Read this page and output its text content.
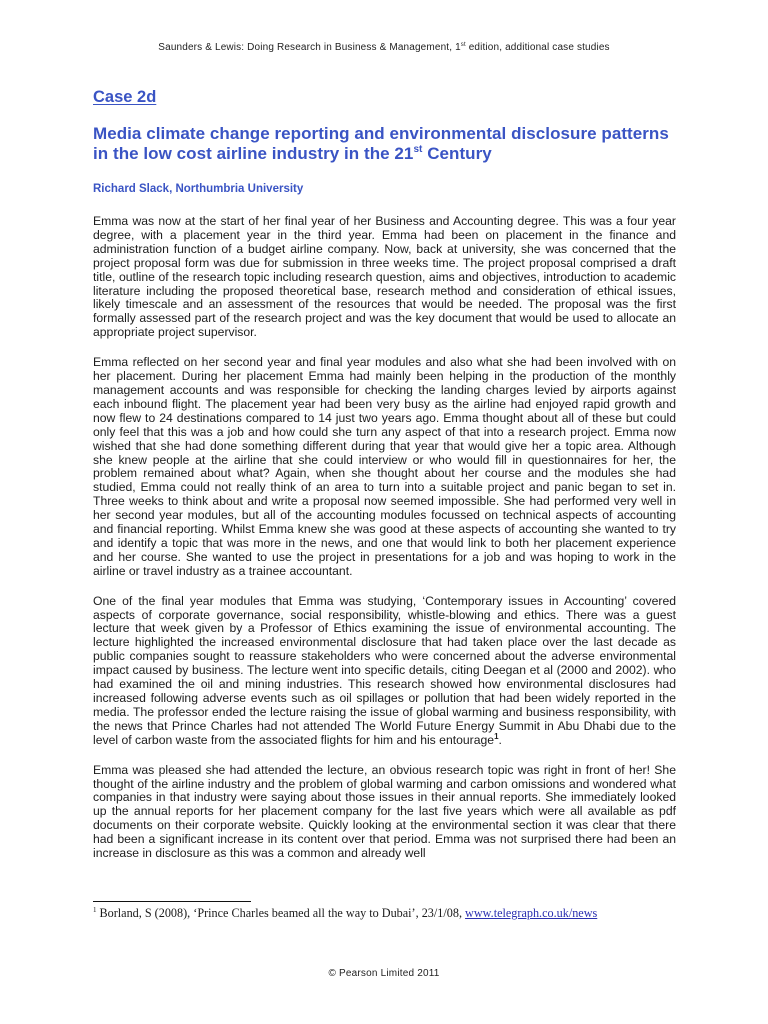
Saunders & Lewis: Doing Research in Business & Management, 1st edition, additional case studies
Case 2d
Media climate change reporting and environmental disclosure patterns in the low cost airline industry in the 21st Century

Richard Slack, Northumbria University

Emma was now at the start of her final year of her Business and Accounting degree. This was a four year degree, with a placement year in the third year. Emma had been on placement in the finance and administration function of a budget airline company. Now, back at university, she was concerned that the project proposal form was due for submission in three weeks time. The project proposal comprised a draft title, outline of the research topic including research question, aims and objectives, introduction to academic literature including the proposed theoretical base, research method and consideration of ethical issues, likely timescale and an assessment of the resources that would be needed. The proposal was the first formally assessed part of the research project and was the key document that would be used to allocate an appropriate project supervisor.

Emma reflected on her second year and final year modules and also what she had been involved with on her placement. During her placement Emma had mainly been helping in the production of the monthly management accounts and was responsible for checking the landing charges levied by airports against each inbound flight. The placement year had been very busy as the airline had enjoyed rapid growth and now flew to 24 destinations compared to 14 just two years ago. Emma thought about all of these but could only feel that this was a job and how could she turn any aspect of that into a research project. Emma now wished that she had done something different during that year that would give her a topic area. Although she knew people at the airline that she could interview or who would fill in questionnaires for her, the problem remained about what? Again, when she thought about her course and the modules she had studied, Emma could not really think of an area to turn into a suitable project and panic began to set in. Three weeks to think about and write a proposal now seemed impossible. She had performed very well in her second year modules, but all of the accounting modules focussed on technical aspects of accounting and financial reporting. Whilst Emma knew she was good at these aspects of accounting she wanted to try and identify a topic that was more in the news, and one that would link to both her placement experience and her course. She wanted to use the project in presentations for a job and was hoping to work in the airline or travel industry as a trainee accountant.

One of the final year modules that Emma was studying, ‘Contemporary issues in Accounting’ covered aspects of corporate governance, social responsibility, whistle-blowing and ethics. There was a guest lecture that week given by a Professor of Ethics examining the issue of environmental accounting. The lecture highlighted the increased environmental disclosure that had taken place over the last decade as public companies sought to reassure stakeholders who were concerned about the adverse environmental impact caused by business. The lecture went into specific details, citing Deegan et al (2000 and 2002). who had examined the oil and mining industries. This research showed how environmental disclosures had increased following adverse events such as oil spillages or pollution that had been widely reported in the media. The professor ended the lecture raising the issue of global warming and business responsibility, with the news that Prince Charles had not attended The World Future Energy Summit in Abu Dhabi due to the level of carbon waste from the associated flights for him and his entourage$^1$.

Emma was pleased she had attended the lecture, an obvious research topic was right in front of her! She thought of the airline industry and the problem of global warming and carbon omissions and wondered what companies in that industry were saying about those issues in their annual reports. She immediately looked up the annual reports for her placement company for the last five years which were all available as pdf documents on their corporate website. Quickly looking at the environmental section it was clear that there had been a significant increase in its content over that period. Emma was not surprised there had been an increase in disclosure as this was a common and already well

$^1$ Borland, S (2008), ‘Prince Charles beamed all the way to Dubai’, 23/1/08, www.telegraph.co.uk/news
© Pearson Limited 2011
